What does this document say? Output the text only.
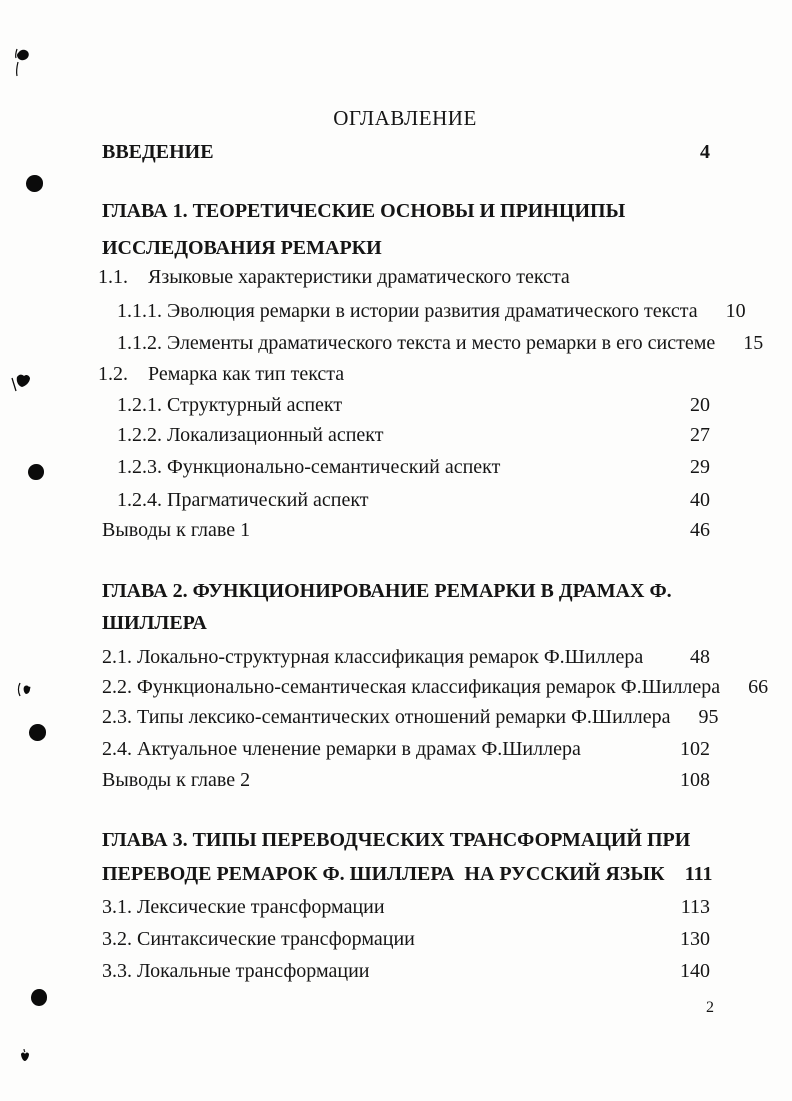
ОГЛАВЛЕНИЕ
ВВЕДЕНИЕ	4
ГЛАВА 1. ТЕОРЕТИЧЕСКИЕ ОСНОВЫ И ПРИНЦИПЫ
ИССЛЕДОВАНИЯ РЕМАРКИ
1.1.	Языковые характеристики драматического текста
1.1.1. Эволюция ремарки в истории развития драматического текста	10
1.1.2. Элементы драматического текста и место ремарки в его системе	15
1.2.	Ремарка как тип текста
1.2.1. Структурный аспект	20
1.2.2. Локализационный аспект	27
1.2.3. Функционально-семантический аспект	29
1.2.4. Прагматический аспект	40
Выводы к главе 1	46
ГЛАВА 2. ФУНКЦИОНИРОВАНИЕ РЕМАРКИ В ДРАМАХ Ф.
ШИЛЛЕРА
2.1. Локально-структурная классификация ремарок Ф.Шиллера	48
2.2. Функционально-семантическая классификация ремарок Ф.Шиллера	66
2.3. Типы лексико-семантических отношений ремарки Ф.Шиллера	95
2.4. Актуальное членение ремарки в драмах Ф.Шиллера	102
Выводы к главе 2	108
ГЛАВА 3. ТИПЫ ПЕРЕВОДЧЕСКИХ ТРАНСФОРМАЦИЙ ПРИ
ПЕРЕВОДЕ РЕМАРОК Ф. ШИЛЛЕРА  НА РУССКИЙ ЯЗЫК	111
3.1. Лексические трансформации	113
3.2. Синтаксические трансформации	130
3.3. Локальные трансформации	140
2
